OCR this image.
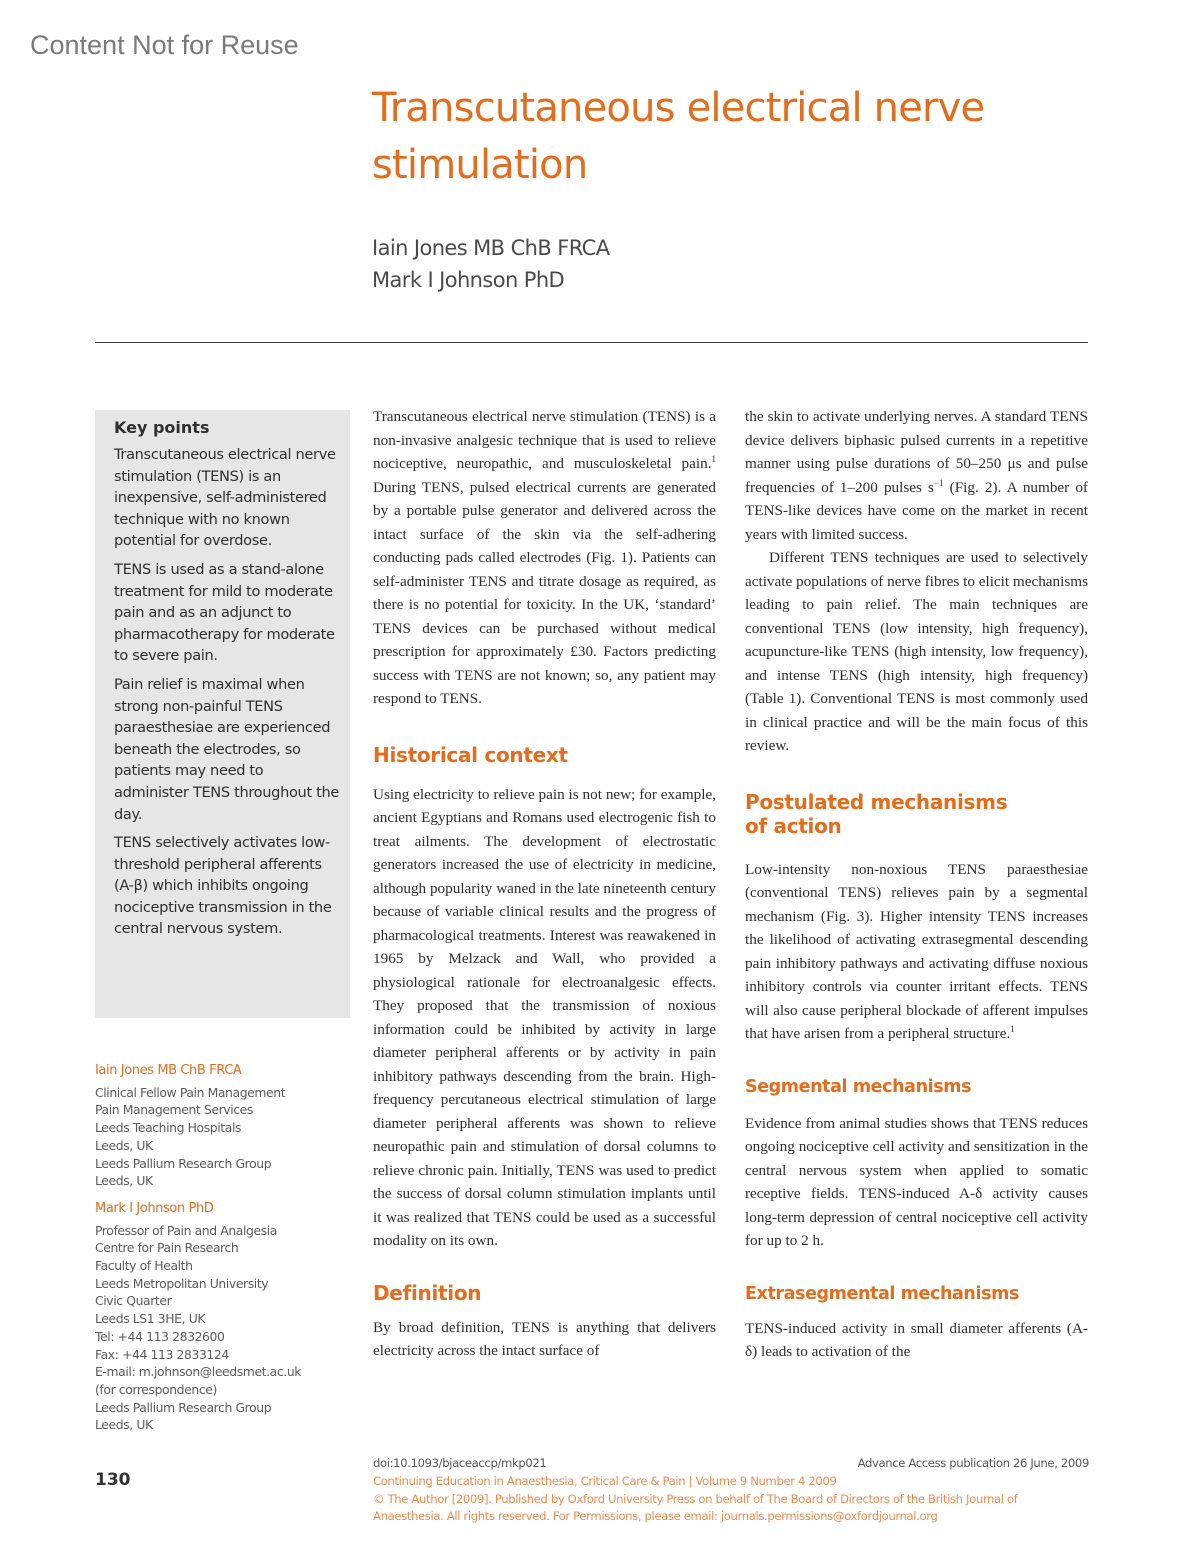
Content Not for Reuse
Transcutaneous electrical nerve stimulation
Iain Jones MB ChB FRCA
Mark I Johnson PhD
Key points

Transcutaneous electrical nerve stimulation (TENS) is an inexpensive, self-administered technique with no known potential for overdose.

TENS is used as a stand-alone treatment for mild to moderate pain and as an adjunct to pharmacotherapy for moderate to severe pain.

Pain relief is maximal when strong non-painful TENS paraesthesiae are experienced beneath the electrodes, so patients may need to administer TENS throughout the day.

TENS selectively activates low-threshold peripheral afferents (A-β) which inhibits ongoing nociceptive transmission in the central nervous system.

Iain Jones MB ChB FRCA
Clinical Fellow Pain Management
Pain Management Services
Leeds Teaching Hospitals
Leeds, UK
Leeds Pallium Research Group
Leeds, UK
Mark I Johnson PhD
Professor of Pain and Analgesia
Centre for Pain Research
Faculty of Health
Leeds Metropolitan University
Civic Quarter
Leeds LS1 3HE, UK
Tel: +44 113 2832600
Fax: +44 113 2833124
E-mail: m.johnson@leedsmet.ac.uk
(for correspondence)
Leeds Pallium Research Group
Leeds, UK

Transcutaneous electrical nerve stimulation (TENS) is a non-invasive analgesic technique that is used to relieve nociceptive, neuropathic, and musculoskeletal pain.$^1$ During TENS, pulsed electrical currents are generated by a portable pulse generator and delivered across the intact surface of the skin via the self-adhering conducting pads called electrodes (Fig. 1). Patients can self-administer TENS and titrate dosage as required, as there is no potential for toxicity. In the UK, ‘standard’ TENS devices can be purchased without medical prescription for approximately £30. Factors predicting success with TENS are not known; so, any patient may respond to TENS.

Historical context

Using electricity to relieve pain is not new; for example, ancient Egyptians and Romans used electrogenic fish to treat ailments. The development of electrostatic generators increased the use of electricity in medicine, although popularity waned in the late nineteenth century because of variable clinical results and the progress of pharmacological treatments. Interest was reawakened in 1965 by Melzack and Wall, who provided a physiological rationale for electroanalgesic effects. They proposed that the transmission of noxious information could be inhibited by activity in large diameter peripheral afferents or by activity in pain inhibitory pathways descending from the brain. High-frequency percutaneous electrical stimulation of large diameter peripheral afferents was shown to relieve neuropathic pain and stimulation of dorsal columns to relieve chronic pain. Initially, TENS was used to predict the success of dorsal column stimulation implants until it was realized that TENS could be used as a successful modality on its own.

Definition

By broad definition, TENS is anything that delivers electricity across the intact surface of

the skin to activate underlying nerves. A standard TENS device delivers biphasic pulsed currents in a repetitive manner using pulse durations of 50–250 μs and pulse frequencies of 1–200 pulses $s^{-1}$ (Fig. 2). A number of TENS-like devices have come on the market in recent years with limited success.

Different TENS techniques are used to selectively activate populations of nerve fibres to elicit mechanisms leading to pain relief. The main techniques are conventional TENS (low intensity, high frequency), acupuncture-like TENS (high intensity, low frequency), and intense TENS (high intensity, high frequency) (Table 1). Conventional TENS is most commonly used in clinical practice and will be the main focus of this review.

Postulated mechanisms
of action

Low-intensity non-noxious TENS paraesthesiae (conventional TENS) relieves pain by a segmental mechanism (Fig. 3). Higher intensity TENS increases the likelihood of activating extrasegmental descending pain inhibitory pathways and activating diffuse noxious inhibitory controls via counter irritant effects. TENS will also cause peripheral blockade of afferent impulses that have arisen from a peripheral structure.$^1$

Segmental mechanisms

Evidence from animal studies shows that TENS reduces ongoing nociceptive cell activity and sensitization in the central nervous system when applied to somatic receptive fields. TENS-induced A-δ activity causes long-term depression of central nociceptive cell activity for up to 2 h.

Extrasegmental mechanisms

TENS-induced activity in small diameter afferents (A-δ) leads to activation of the

130
doi:10.1093/bjaceaccp/mkp021	Advance Access publication 26 June, 2009
Continuing Education in Anaesthesia, Critical Care & Pain | Volume 9 Number 4 2009
© The Author [2009]. Published by Oxford University Press on behalf of The Board of Directors of the British Journal of Anaesthesia. All rights reserved. For Permissions, please email: journals.permissions@oxfordjournal.org
